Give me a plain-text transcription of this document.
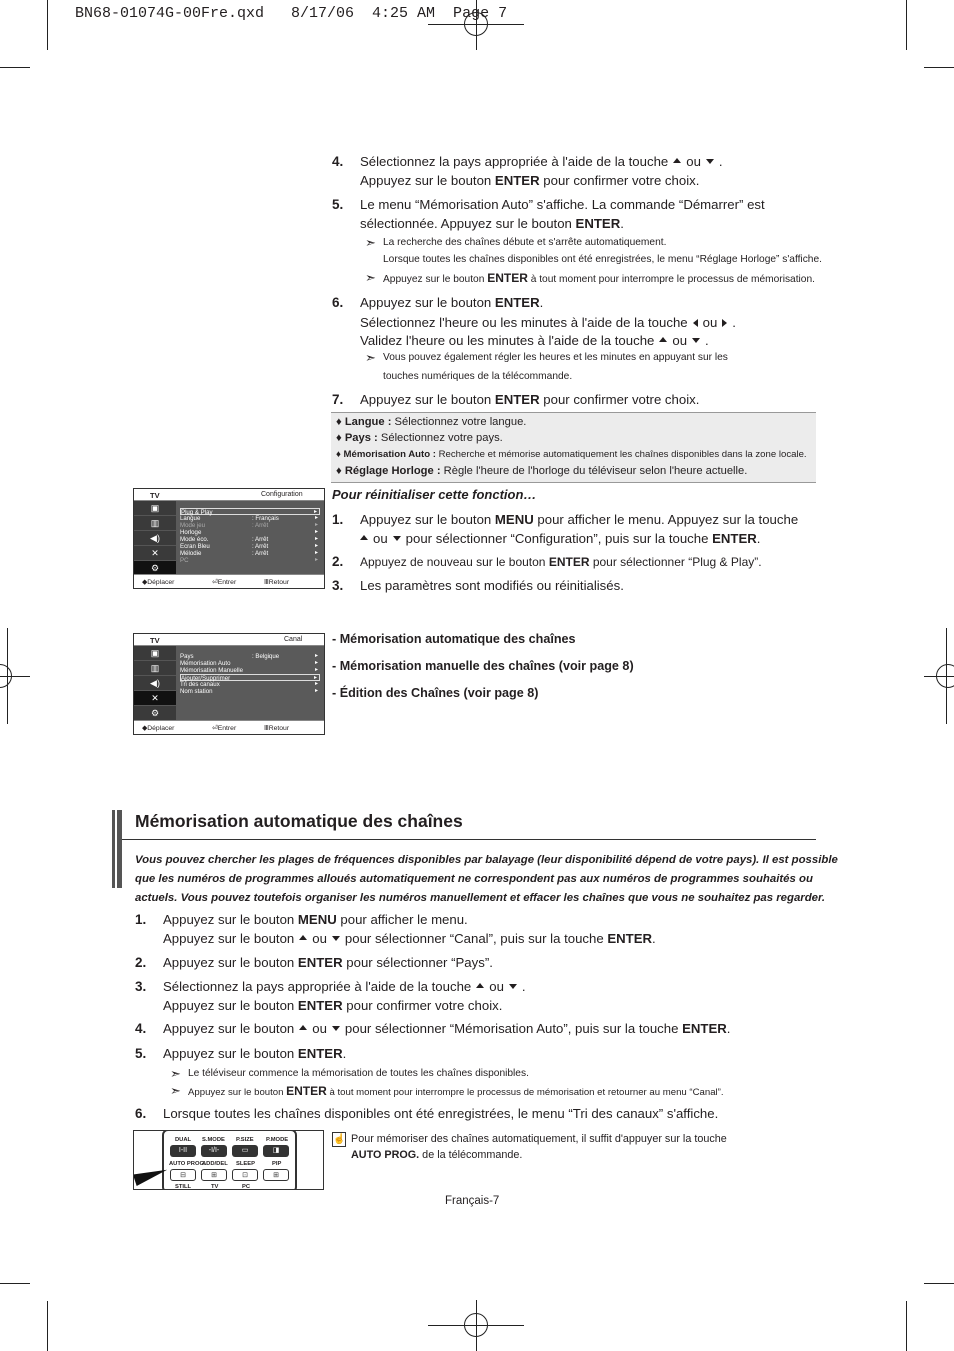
BN68-01074G-00Fre.qxd   8/17/06  4:25 AM  Page 7
4. Sélectionnez la pays appropriée à l'aide de la touche ou .
Appuyez sur le bouton ENTER pour confirmer votre choix.
5. Le menu “Mémorisation Auto” s'affiche. La commande “Démarrer” est
sélectionnée. Appuyez sur le bouton ENTER.
➣ La recherche des chaînes débute et s'arrête automatiquement.
Lorsque toutes les chaînes disponibles ont été enregistrées, le menu “Réglage Horloge” s'affiche.
➣ Appuyez sur le bouton ENTER à tout moment pour interrompre le processus de mémorisation.
6. Appuyez sur le bouton ENTER.
Sélectionnez l'heure ou les minutes à l'aide de la touche ou .
Validez l'heure ou les minutes à l'aide de la touche ou .
➣ Vous pouvez également régler les heures et les minutes en appuyant sur les
touches numériques de la télécommande.
7. Appuyez sur le bouton ENTER pour confirmer votre choix.
♦ Langue : Sélectionnez votre langue.
♦ Pays : Sélectionnez votre pays.
♦ Mémorisation Auto : Recherche et mémorise automatiquement les chaînes disponibles dans la zone locale.
♦ Réglage Horloge : Règle l'heure de l'horloge du téléviseur selon l'heure actuelle.
Pour réinitialiser cette fonction…
1. Appuyez sur le bouton MENU pour afficher le menu. Appuyez sur la touche
ou pour sélectionner “Configuration”, puis sur la touche ENTER.
2. Appuyez de nouveau sur le bouton ENTER pour sélectionner “Plug & Play”.
3. Les paramètres sont modifiés ou réinitialisés.
TV	Configuration
▣
▥
◀)
✕
⚙
Plug & Play	▸
Langue	: Français	▸
Mode jeu	: Arrêt	▸
Horloge	▸
Mode éco.	: Arrêt	▸
Ecran Bleu	: Arrêt	▸
Mélodie	: Arrêt	▸
PC	▸
◆Déplacer	⏎Entrer	ⅢRetour
TV	Canal
▣
▥
◀)
✕
⚙
Pays	: Belgique	▸
Mémorisation Auto	▸
Mémorisation Manuelle	▸
Ajouter/Supprimer	▸
Tri des canaux	▸
Nom station	▸
◆Déplacer	⏎Entrer	ⅢRetour
- Mémorisation automatique des chaînes
- Mémorisation manuelle des chaînes (voir page 8)
- Édition des Chaînes (voir page 8)
Mémorisation automatique des chaînes
Vous pouvez chercher les plages de fréquences disponibles par balayage (leur disponibilité dépend de votre pays). Il est possible
que les numéros de programmes alloués automatiquement ne correspondent pas aux numéros de programmes souhaités ou
actuels. Vous pouvez toutefois organiser les numéros manuellement et effacer les chaînes que vous ne souhaitez pas regarder.
1. Appuyez sur le bouton MENU pour afficher le menu.
Appuyez sur le bouton ou pour sélectionner “Canal”, puis sur la touche ENTER.
2. Appuyez sur le bouton ENTER pour sélectionner “Pays”.
3. Sélectionnez la pays appropriée à l'aide de la touche ou .
Appuyez sur le bouton ENTER pour confirmer votre choix.
4. Appuyez sur le bouton ou pour sélectionner “Mémorisation Auto”, puis sur la touche ENTER.
5. Appuyez sur le bouton ENTER.
➣ Le téléviseur commence la mémorisation de toutes les chaînes disponibles.
➣ Appuyez sur le bouton ENTER à tout moment pour interrompre le processus de mémorisation et retourner au menu “Canal”.
6. Lorsque toutes les chaînes disponibles ont été enregistrées, le menu “Tri des canaux” s'affiche.
DUAL S.MODE P.SIZE P.MODE
I-II	-I/I-	▭	◨
AUTO PROG.
ADD/DEL SLEEP	PIP
⊟	⊞	⊡	⊞
STILL	TV	PC
☝ Pour mémoriser des chaînes automatiquement, il suffit d'appuyer sur la touche
AUTO PROG. de la télécommande.
Français-7
